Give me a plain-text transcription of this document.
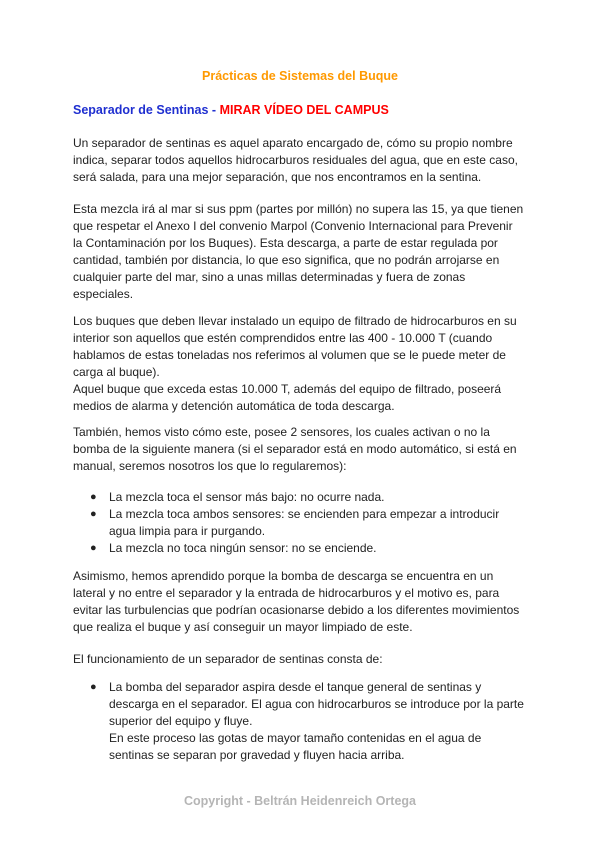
Prácticas de Sistemas del Buque
Separador de Sentinas - MIRAR VÍDEO DEL CAMPUS
Un separador de sentinas es aquel aparato encargado de, cómo su propio nombre
indica, separar todos aquellos hidrocarburos residuales del agua, que en este caso,
será salada, para una mejor separación, que nos encontramos en la sentina.
Esta mezcla irá al mar si sus ppm (partes por millón) no supera las 15, ya que tienen
que respetar el Anexo I del convenio Marpol (Convenio Internacional para Prevenir
la Contaminación por los Buques). Esta descarga, a parte de estar regulada por
cantidad, también por distancia, lo que eso significa, que no podrán arrojarse en
cualquier parte del mar, sino a unas millas determinadas y fuera de zonas
especiales.
Los buques que deben llevar instalado un equipo de filtrado de hidrocarburos en su
interior son aquellos que estén comprendidos entre las 400 - 10.000 T (cuando
hablamos de estas toneladas nos referimos al volumen que se le puede meter de
carga al buque).
Aquel buque que exceda estas 10.000 T, además del equipo de filtrado, poseerá
medios de alarma y detención automática de toda descarga.
También, hemos visto cómo este, posee 2 sensores, los cuales activan o no la
bomba de la siguiente manera (si el separador está en modo automático, si está en
manual, seremos nosotros los que lo regularemos):
● La mezcla toca el sensor más bajo: no ocurre nada.
● La mezcla toca ambos sensores: se encienden para empezar a introducir
agua limpia para ir purgando.
● La mezcla no toca ningún sensor: no se enciende.
Asimismo, hemos aprendido porque la bomba de descarga se encuentra en un
lateral y no entre el separador y la entrada de hidrocarburos y el motivo es, para
evitar las turbulencias que podrían ocasionarse debido a los diferentes movimientos
que realiza el buque y así conseguir un mayor limpiado de este.
El funcionamiento de un separador de sentinas consta de:
● La bomba del separador aspira desde el tanque general de sentinas y
descarga en el separador. El agua con hidrocarburos se introduce por la parte
superior del equipo y fluye.
En este proceso las gotas de mayor tamaño contenidas en el agua de
sentinas se separan por gravedad y fluyen hacia arriba.
Copyright - Beltrán Heidenreich Ortega
